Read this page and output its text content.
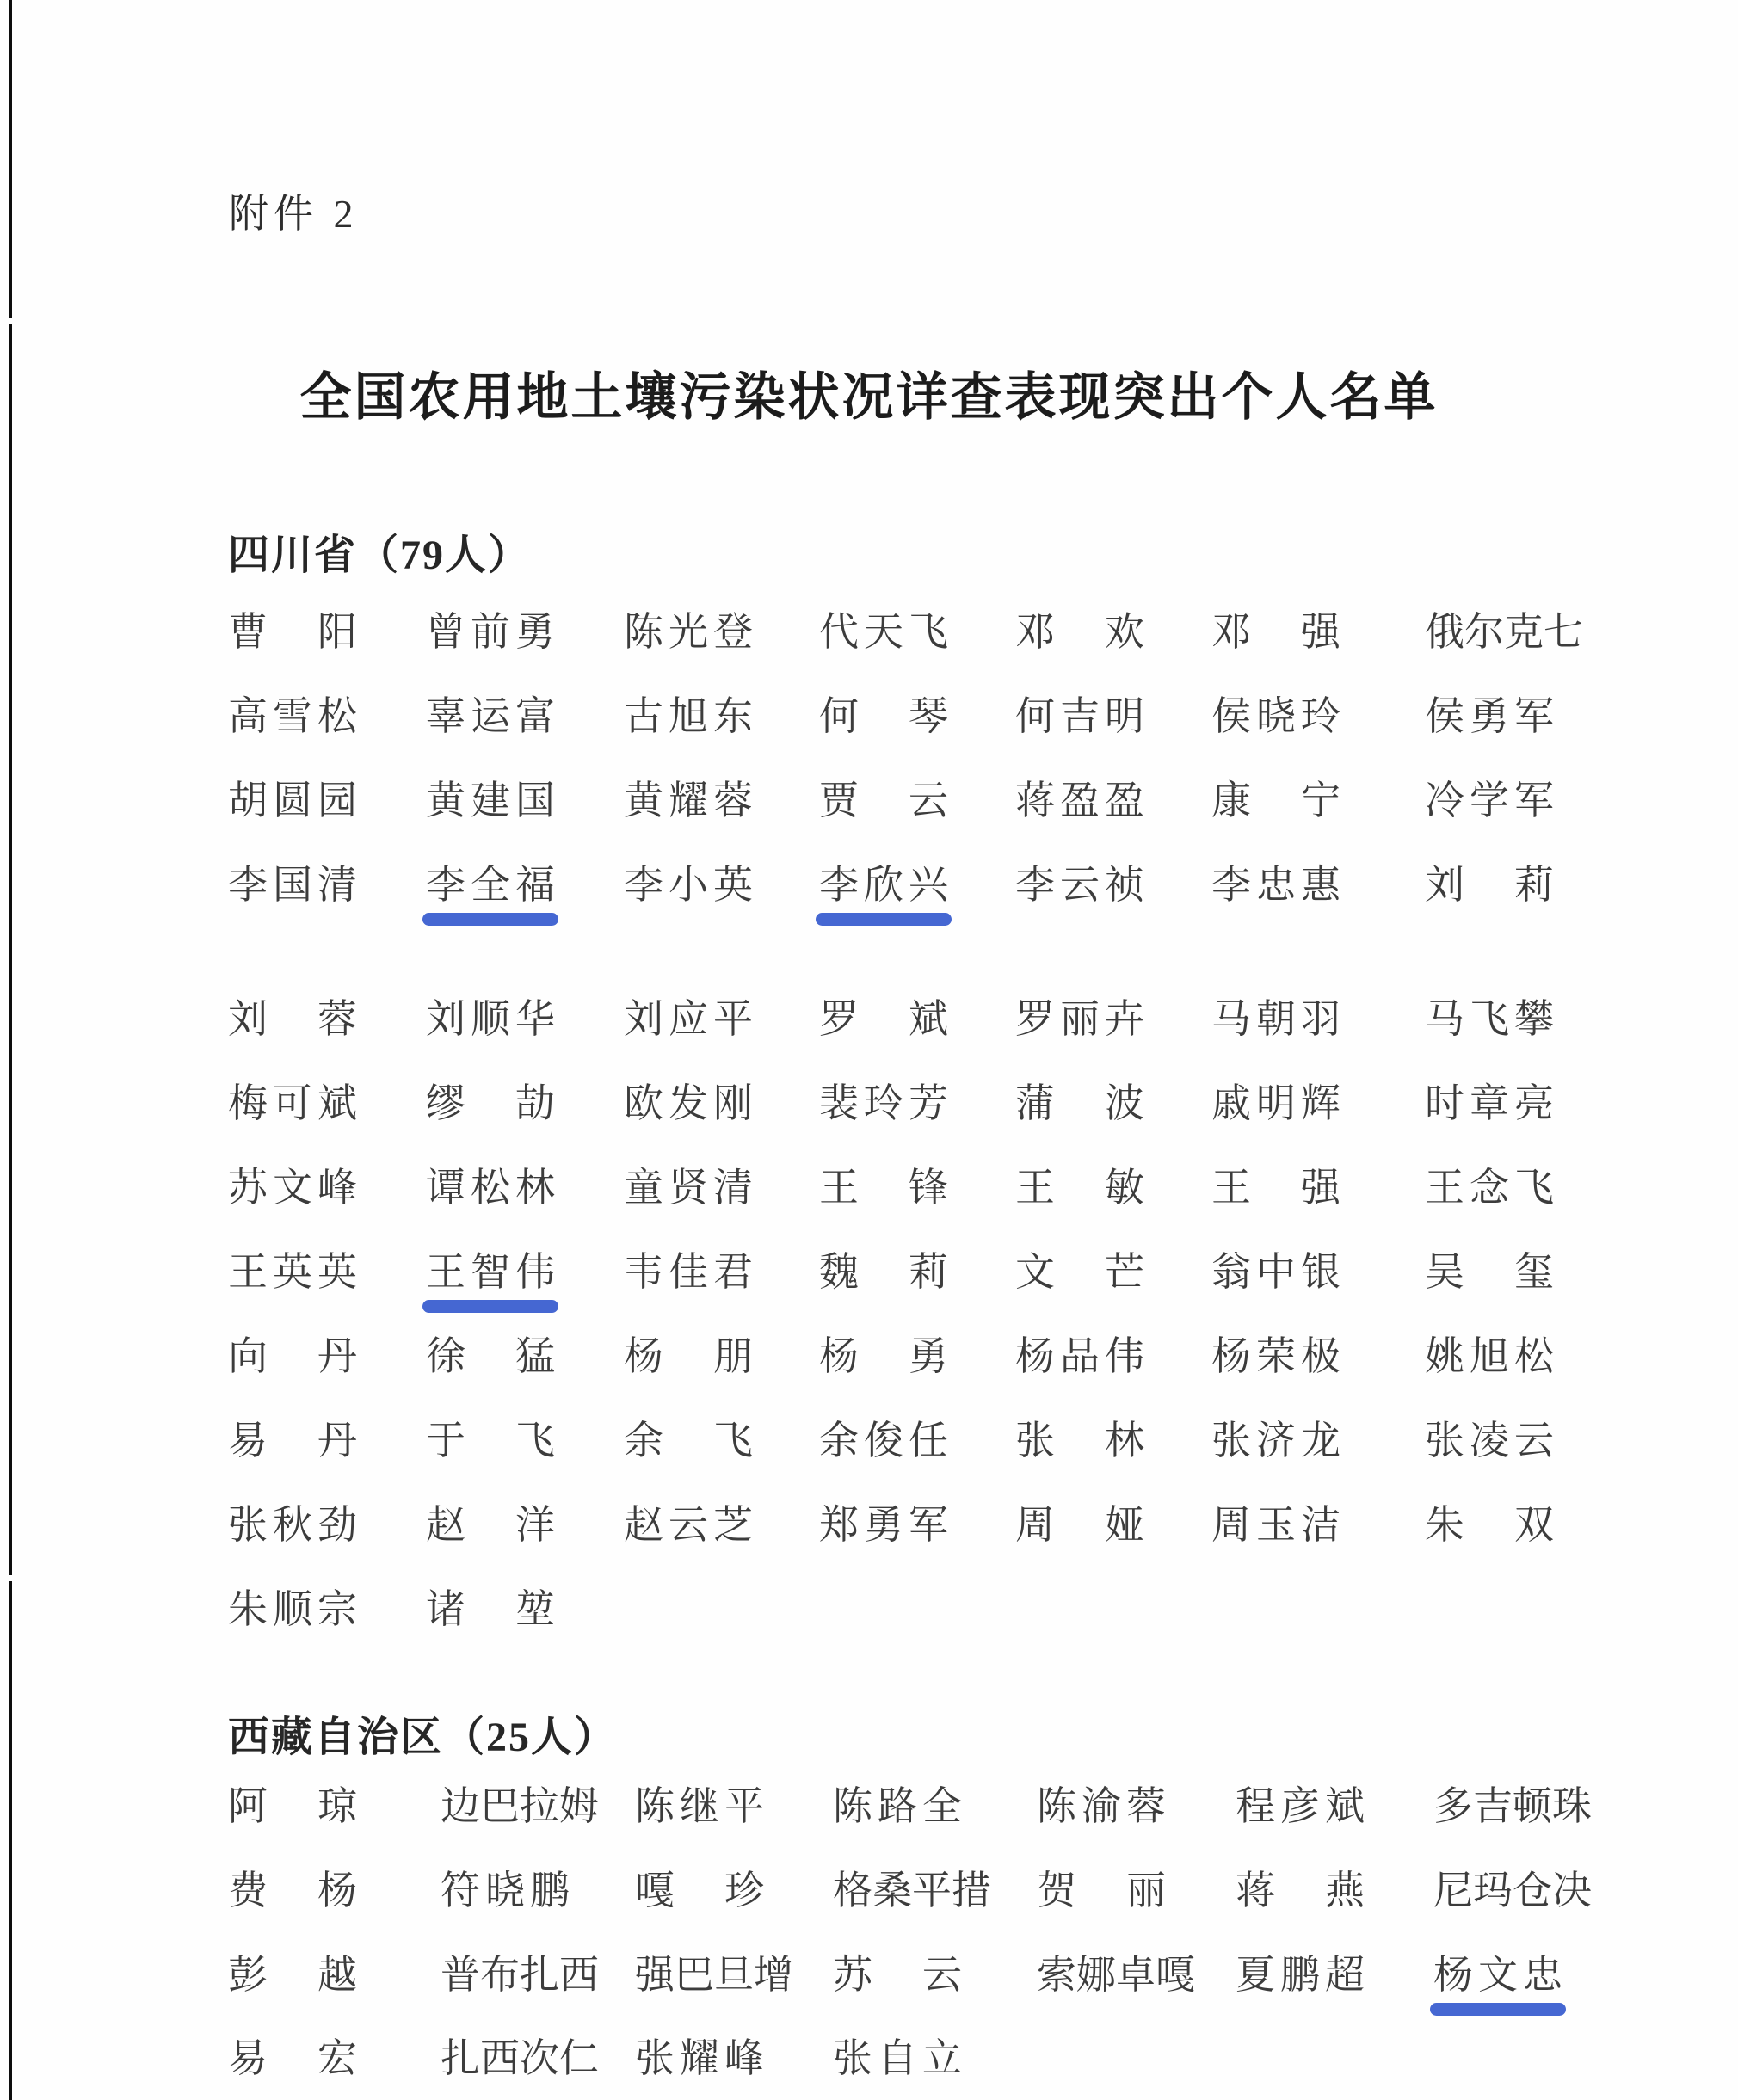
附件 2
全国农用地土壤污染状况详查表现突出个人名单
四川省（79人）
曹阳 曾前勇 陈光登 代天飞 邓欢 邓强 俄尔克七
高雪松 辜运富 古旭东 何琴 何吉明 侯晓玲 侯勇军
胡圆园 黄建国 黄耀蓉 贾云 蒋盈盈 康宁 冷学军
李国清 李全福 李小英 李欣兴 李云祯 李忠惠 刘莉
刘蓉 刘顺华 刘应平 罗斌 罗丽卉 马朝羽 马飞攀
梅可斌 缪劼 欧发刚 裴玲芳 蒲波 戚明辉 时章亮
苏文峰 谭松林 童贤清 王锋 王敏 王强 王念飞
王英英 王智伟 韦佳君 魏莉 文芒 翁中银 吴玺
向丹 徐猛 杨朋 杨勇 杨品伟 杨荣极 姚旭松
易丹 于飞 余飞 余俊任 张林 张济龙 张凌云
张秋劲 赵洋 赵云芝 郑勇军 周娅 周玉洁 朱双
朱顺宗 诸堃
西藏自治区（25人）
阿琼 边巴拉姆 陈继平 陈路全 陈渝蓉 程彦斌 多吉顿珠
费杨 符晓鹏 嘎珍 格桑平措 贺丽 蒋燕 尼玛仓决
彭越 普布扎西 强巴旦增 苏云 索娜卓嘎 夏鹏超 杨文忠
易宏 扎西次仁 张耀峰 张自立
